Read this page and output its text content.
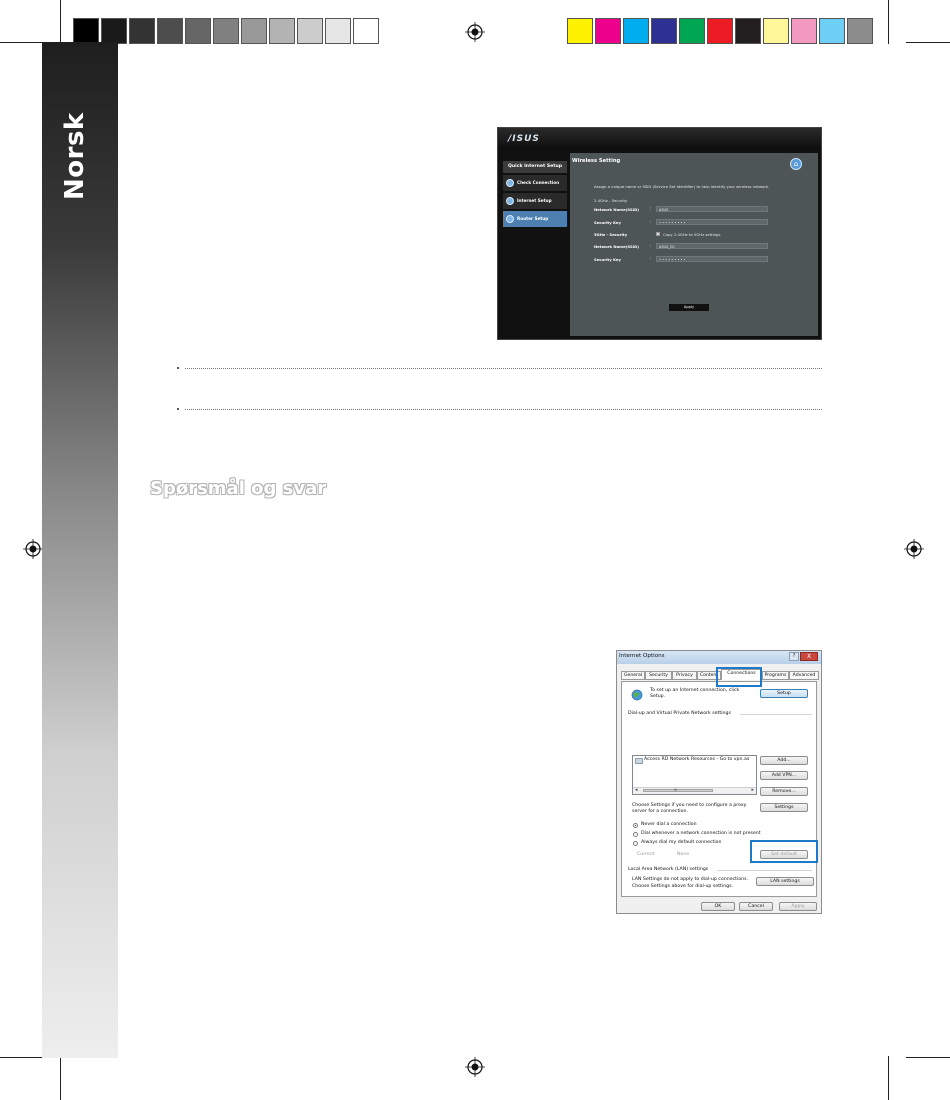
Norsk	/ISUS
Quick Internet Setup
Check Connection
Internet Setup
Router Setup
Wireless Setting	⌂
Assign a unique name or SSID (Service Set Identifier) to help identify your wireless network.
2.4GHz - Security
Network Name(SSID)	:	ASUS
Security Key	:	• • • • • • • • •
5GHz - Security	Copy 2.4GHz to 5GHz settings
Network Name(SSID)	:	ASUS_5G
Security Key	:	• • • • • • • • •
Apply
Spørsmål og svar
Internet Options	?	X
General	Security	Privacy	Content	Connections	Programs	Advanced
To set up an Internet connection, click
Setup.
Setup
Dial-up and Virtual Private Network settings
Access RD Network Resources - Go to vpn.as
◂	III	▸
Add...
Add VPN...
Remove...
Choose Settings if you need to configure a proxy
server for a connection.
Settings
Never dial a connection
Dial whenever a network connection is not present
Always dial my default connection
Current	None	Set default
Local Area Network (LAN) settings
LAN Settings do not apply to dial-up connections.
Choose Settings above for dial-up settings.
LAN settings
OK	Cancel	Apply
